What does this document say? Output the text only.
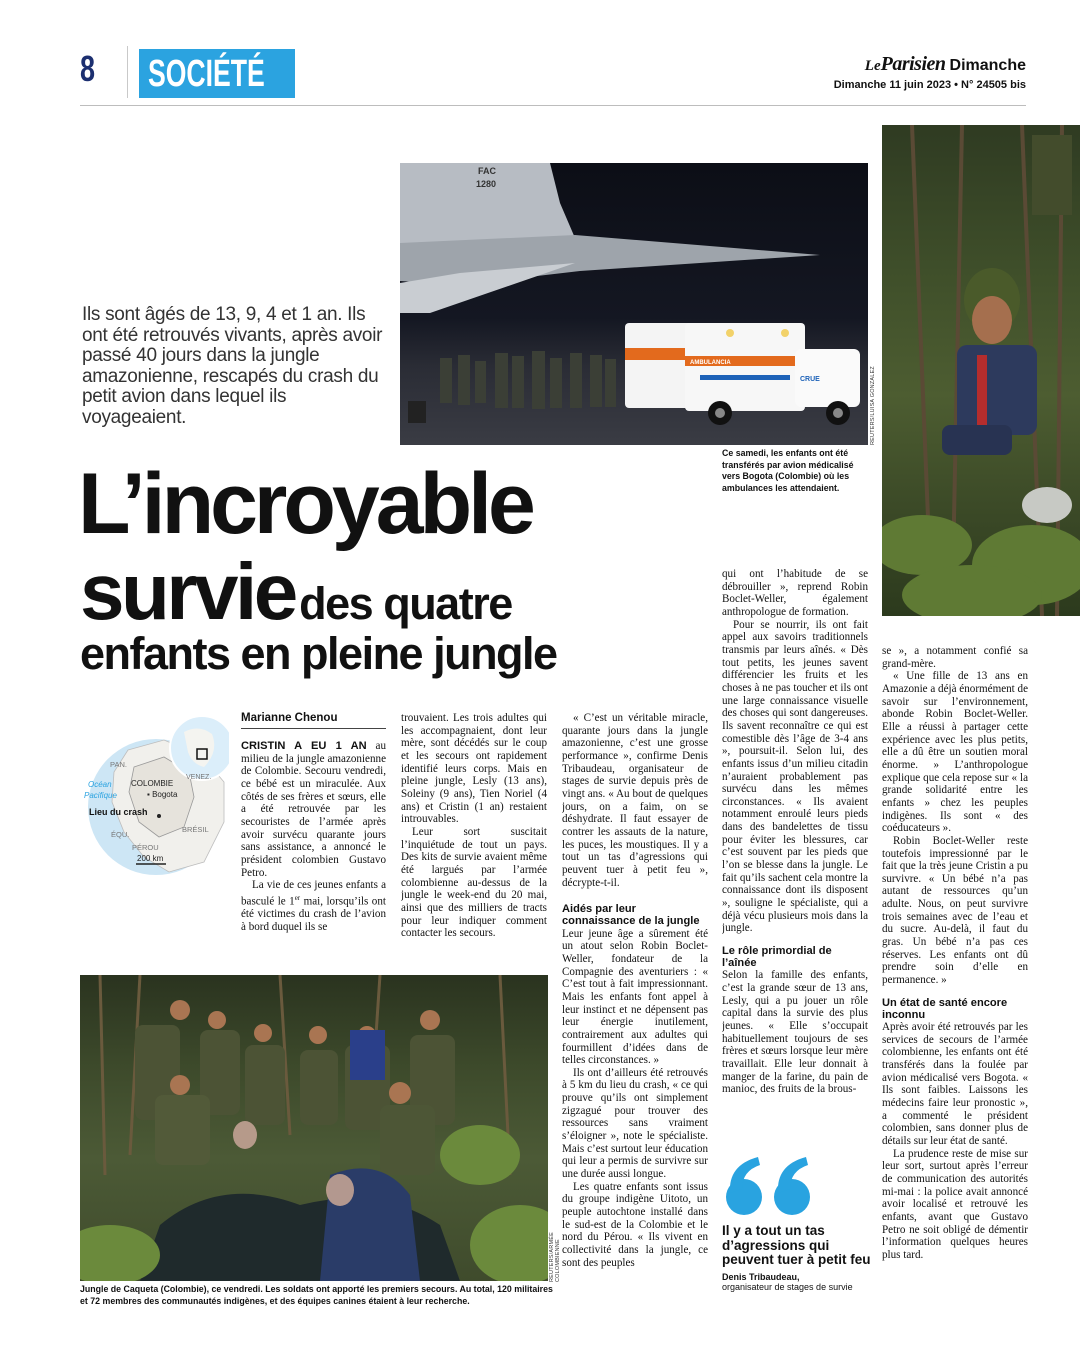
8 SOCIÉTÉ	LeParisien Dimanche
Dimanche 11 juin 2023 • N° 24505 bis
FAC
1280
AMBULANCIA
CRUE	REUTERS/LUISA GONZALEZ
Ce samedi, les enfants ont été transférés par avion médicalisé vers Bogota (Colombie) où les ambulances les attendaient.
Ils sont âgés de 13, 9, 4 et 1 an. Ils ont été retrouvés vivants, après avoir passé 40 jours dans la jungle amazonienne, rescapés du crash du petit avion dans lequel ils voyageaient.
L’incroyable
survie des quatre
enfants en pleine jungle
PAN.
Océan
Pacifique
VENEZ.
COLOMBIE
▪ Bogota
Lieu du crash
ÉQU.
BRÉSIL
PÉROU
200 km
Marianne Chenou

CRISTIN A EU 1 AN au milieu de la jungle amazonienne de Colombie. Secouru vendredi, ce bébé est un miraculée. Aux côtés de ses frères et sœurs, elle a été retrouvée par les secouristes de l’armée après avoir survécu quarante jours sans assistance, a annoncé le président colombien Gustavo Petro.

La vie de ces jeunes enfants a basculé le 1er mai, lorsqu’ils ont été victimes du crash de l’avion à bord duquel ils se

trouvaient. Les trois adultes qui les accompagnaient, dont leur mère, sont décédés sur le coup et les secours ont rapidement identifié leurs corps. Mais en pleine jungle, Lesly (13 ans), Soleiny (9 ans), Tien Noriel (4 ans) et Cristin (1 an) restaient introuvables.

Leur sort suscitait l’inquiétude de tout un pays. Des kits de survie avaient même été largués par l’armée colombienne au-dessus de la jungle le week-end du 20 mai, ainsi que des milliers de tracts pour leur indiquer comment contacter les secours.

« C’est un véritable miracle, quarante jours dans la jungle amazonienne, c’est une grosse performance », confirme Denis Tribaudeau, organisateur de stages de survie depuis près de vingt ans. « Au bout de quelques jours, on a faim, on se déshydrate. Il faut essayer de contrer les assauts de la nature, les puces, les moustiques. Il y a tout un tas d’agressions qui peuvent tuer à petit feu », décrypte-t-il.

Aidés par leur connaissance de la jungle

Leur jeune âge a sûrement été un atout selon Robin Boclet-Weller, fondateur de la Compagnie des aventuriers : « C’est tout à fait impressionnant. Mais les enfants font appel à leur instinct et ne dépensent pas leur énergie inutilement, contrairement aux adultes qui fourmillent d’idées dans de telles circonstances. »

Ils ont d’ailleurs été retrouvés à 5 km du lieu du crash, « ce qui prouve qu’ils ont simplement zigzagué pour trouver des ressources sans vraiment s’éloigner », note le spécialiste. Mais c’est surtout leur éducation qui leur a permis de survivre sur une durée aussi longue.

Les quatre enfants sont issus du groupe indigène Uitoto, un peuple autochtone installé dans le sud-est de la Colombie et le nord du Pérou. « Ils vivent en collectivité dans la jungle, ce sont des peuples

qui ont l’habitude de se débrouiller », reprend Robin Boclet-Weller, également anthropologue de formation.

Pour se nourrir, ils ont fait appel aux savoirs traditionnels transmis par leurs aînés. « Dès tout petits, les jeunes savent différencier les fruits et les choses à ne pas toucher et ils ont une large connaissance visuelle des choses qui sont dangereuses. Ils savent reconnaître ce qui est comestible dès l’âge de 3-4 ans », poursuit-il. Selon lui, des enfants issus d’un milieu citadin n’auraient probablement pas survécu dans les mêmes circonstances. « Ils avaient notamment enroulé leurs pieds dans des bandelettes de tissu pour éviter les blessures, car c’est souvent par les pieds que l’on se blesse dans la jungle. Le fait qu’ils sachent cela montre la connaissance dont ils disposent », souligne le spécialiste, qui a déjà vécu plusieurs mois dans la jungle.

Le rôle primordial de l’aînée

Selon la famille des enfants, c’est la grande sœur de 13 ans, Lesly, qui a pu jouer un rôle capital dans la survie des plus jeunes. « Elle s’occupait habituellement toujours de ses frères et sœurs lorsque leur mère travaillait. Elle leur donnait à manger de la farine, du pain de manioc, des fruits de la brous-

Il y a tout un tas d’agressions qui peuvent tuer à petit feu
Denis Tribaudeau,
organisateur de stages de survie

se », a notamment confié sa grand-mère.

« Une fille de 13 ans en Amazonie a déjà énormément de savoir sur l’environnement, abonde Robin Boclet-Weller. Elle a réussi à partager cette expérience avec les plus petits, elle a dû être un soutien moral énorme. » L’anthropologue explique que cela repose sur « la grande solidarité entre les enfants » chez les peuples indigènes. Ils sont « des coéducateurs ».

Robin Boclet-Weller reste toutefois impressionné par le fait que la très jeune Cristin a pu survivre. « Un bébé n’a pas autant de ressources qu’un adulte. Nous, on peut survivre trois semaines avec de l’eau et du sucre. Au-delà, il faut du gras. Un bébé n’a pas ces réserves. Les enfants ont dû prendre soin d’elle en permanence. »

Un état de santé encore inconnu

Après avoir été retrouvés par les services de secours de l’armée colombienne, les enfants ont été transférés dans la foulée par avion médicalisé vers Bogota. « Ils sont faibles. Laissons les médecins faire leur pronostic », a commenté le président colombien, sans donner plus de détails sur leur état de santé.

La prudence reste de mise sur leur sort, surtout après l’erreur de communication des autorités mi-mai : la police avait annoncé avoir localisé et retrouvé les enfants, avant que Gustavo Petro ne soit obligé de démentir l’information quelques heures plus tard.

REUTERS/ARMÉE COLOMBIENNE
Jungle de Caqueta (Colombie), ce vendredi. Les soldats ont apporté les premiers secours. Au total, 120 militaires et 72 membres des communautés indigènes, et des équipes canines étaient à leur recherche.
